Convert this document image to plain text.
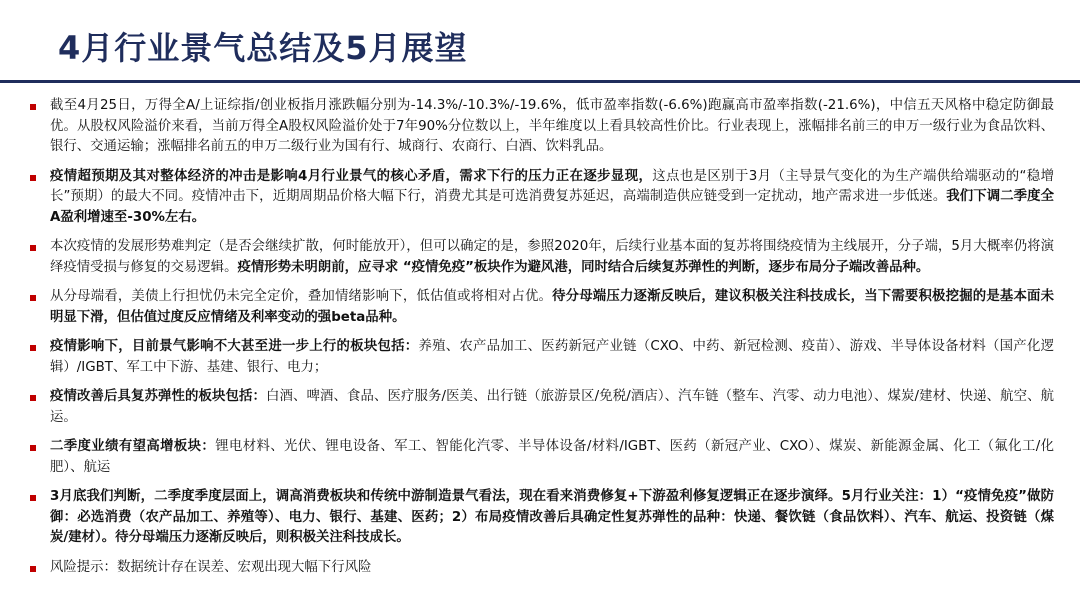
4月行业景气总结及5月展望

截至4月25日，万得全A/上证综指/创业板指月涨跌幅分别为-14.3%/-10.3%/-19.6%，低市盈率指数(-6.6%)跑赢高市盈率指数(-21.6%)，中信五天风格中稳定防御最优。从股权风险溢价来看，当前万得全A股权风险溢价处于7年90%分位数以上，半年维度以上看具较高性价比。行业表现上，涨幅排名前三的申万一级行业为食品饮料、银行、交通运输；涨幅排名前五的申万二级行业为国有行、城商行、农商行、白酒、饮料乳品。

疫情超预期及其对整体经济的冲击是影响4月行业景气的核心矛盾，需求下行的压力正在逐步显现，这点也是区别于3月（主导景气变化的为生产端供给端驱动的“稳增长”预期）的最大不同。疫情冲击下，近期周期品价格大幅下行，消费尤其是可选消费复苏延迟，高端制造供应链受到一定扰动，地产需求进一步低迷。我们下调二季度全A盈利增速至-30%左右。

本次疫情的发展形势难判定（是否会继续扩散，何时能放开），但可以确定的是，参照2020年，后续行业基本面的复苏将围绕疫情为主线展开，分子端，5月大概率仍将演绎疫情受损与修复的交易逻辑。疫情形势未明朗前，应寻求 “疫情免疫”板块作为避风港，同时结合后续复苏弹性的判断，逐步布局分子端改善品种。

从分母端看，美债上行担忧仍未完全定价，叠加情绪影响下，低估值或将相对占优。待分母端压力逐渐反映后，建议积极关注科技成长，当下需要积极挖掘的是基本面未明显下滑，但估值过度反应情绪及利率变动的强beta品种。

疫情影响下，目前景气影响不大甚至进一步上行的板块包括：养殖、农产品加工、医药新冠产业链（CXO、中药、新冠检测、疫苗）、游戏、半导体设备材料（国产化逻辑）/IGBT、军工中下游、基建、银行、电力；

疫情改善后具复苏弹性的板块包括：白酒、啤酒、食品、医疗服务/医美、出行链（旅游景区/免税/酒店）、汽车链（整车、汽零、动力电池）、煤炭/建材、快递、航空、航运。

二季度业绩有望高增板块：锂电材料、光伏、锂电设备、军工、智能化汽零、半导体设备/材料/IGBT、医药（新冠产业、CXO）、煤炭、新能源金属、化工（氟化工/化肥）、航运

3月底我们判断，二季度季度层面上，调高消费板块和传统中游制造景气看法，现在看来消费修复+下游盈利修复逻辑正在逐步演绎。5月行业关注：1）“疫情免疫”做防御：必选消费（农产品加工、养殖等）、电力、银行、基建、医药；2）布局疫情改善后具确定性复苏弹性的品种：快递、餐饮链（食品饮料）、汽车、航运、投资链（煤炭/建材）。待分母端压力逐渐反映后，则积极关注科技成长。

风险提示：数据统计存在误差、宏观出现大幅下行风险
